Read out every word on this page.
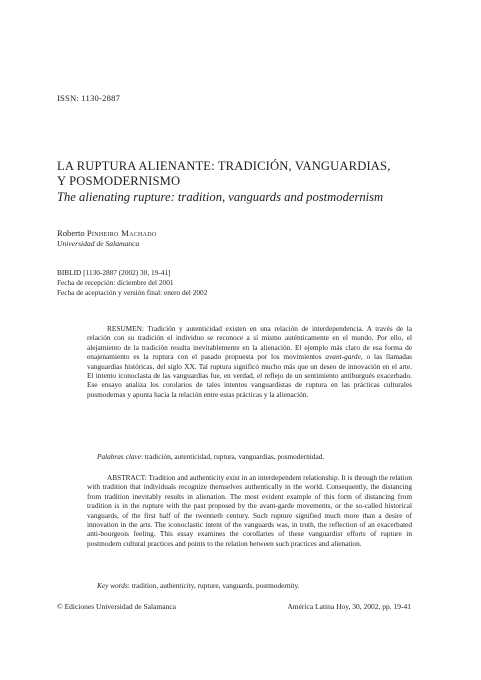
ISSN: 1130-2887
LA RUPTURA ALIENANTE: TRADICIÓN, VANGUARDIAS,
Y POSMODERNISMO
The alienating rupture: tradition, vanguards and postmodernism
Roberto Pinheiro Machado
Universidad de Salamanca
BIBLID [1130-2887 (2002) 30, 19-41]
Fecha de recepción: diciembre del 2001
Fecha de aceptación y versión final: enero del 2002

RESUMEN: Tradición y autenticidad existen en una relación de interdependencia. A través de la relación con su tradición el individuo se reconoce a sí mismo auténticamente en el mundo. Por ello, el alejamiento de la tradición resulta inevitablemente en la alienación. El ejemplo más claro de esa forma de enajenamiento es la ruptura con el pasado propuesta por los movimientos avant-garde, o las llamadas vanguardias históricas, del siglo XX. Tal ruptura significó mucho más que un deseo de innovación en el arte. El intento iconoclasta de las vanguardias fue, en verdad, el reflejo de un sentimiento antiburgués exacerbado. Ese ensayo analiza los corolarios de tales intentos vanguardistas de ruptura en las prácticas culturales posmodernas y apunta hacia la relación entre estas prácticas y la alienación.

Palabras clave: tradición, autenticidad, ruptura, vanguardias, posmodernidad.

ABSTRACT: Tradition and authenticity exist in an interdependent relationship. It is through the relation with tradition that individuals recognize themselves authentically in the world. Consequently, the distancing from tradition inevitably results in alienation. The most evident example of this form of distancing from tradition is in the rupture with the past proposed by the avant-garde movements, or the so-called historical vanguards, of the first half of the twentieth century. Such rupture signified much more than a desire of innovation in the arts. The iconoclastic intent of the vanguards was, in truth, the reflection of an exacerbated anti-bourgeois feeling. This essay examines the corollaries of these vanguardist efforts of rupture in postmodern cultural practices and points to the relation between such practices and alienation.

Key words: tradition, authenticity, rupture, vanguards, postmodernity.
© Ediciones Universidad de Salamanca	América Latina Hoy, 30, 2002, pp. 19-41
